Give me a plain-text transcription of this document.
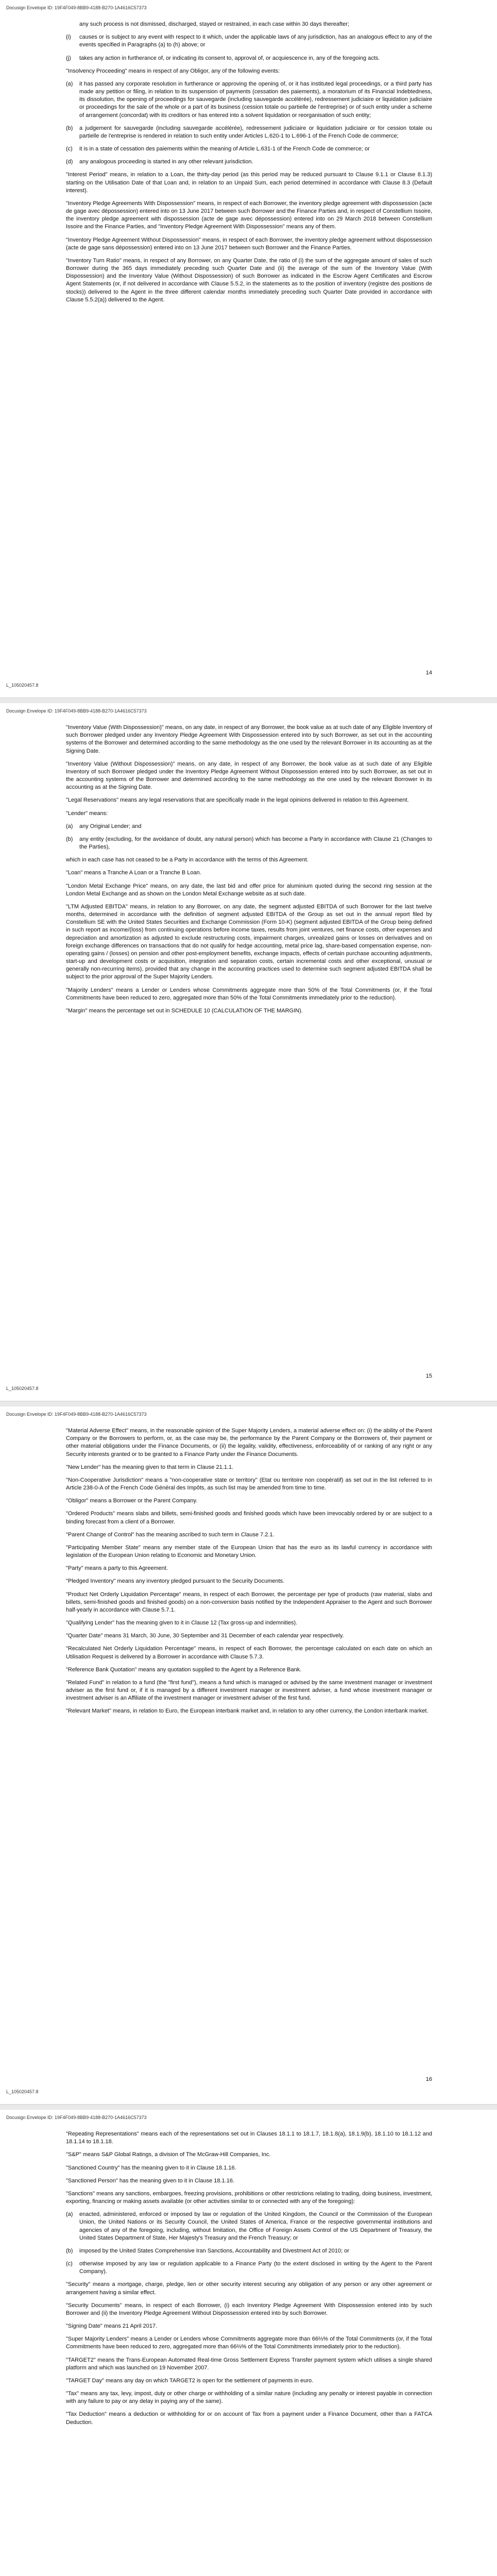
Docusign Envelope ID: 19F4F049-8BB9-4188-B270-1A4616C57373
any such process is not dismissed, discharged, stayed or restrained, in each case within 30 days thereafter;
(i)	causes or is subject to any event with respect to it which, under the applicable laws of any jurisdiction, has an analogous effect to any of the events specified in Paragraphs (a) to (h) above; or
(j)	takes any action in furtherance of, or indicating its consent to, approval of, or acquiescence in, any of the foregoing acts.

"Insolvency Proceeding" means in respect of any Obligor, any of the following events:

(a)	it has passed any corporate resolution in furtherance or approving the opening of, or it has instituted legal proceedings, or a third party has made any petition or filing, in relation to its suspension of payments (cessation des paiements), a moratorium of its Financial Indebtedness, its dissolution, the opening of proceedings for sauvegarde (including sauvegarde accélérée), redressement judiciaire or liquidation judiciaire or proceedings for the sale of the whole or a part of its business (cession totale ou partielle de l'entreprise) or of such entity under a scheme of arrangement (concordat) with its creditors or has entered into a solvent liquidation or reorganisation of such entity;
(b)	a judgement for sauvegarde (including sauvegarde accélérée), redressement judiciaire or liquidation judiciaire or for cession totale ou partielle de l'entreprise is rendered in relation to such entity under Articles L.620-1 to L.696-1 of the French Code de commerce;
(c)	it is in a state of cessation des paiements within the meaning of Article L.631-1 of the French Code de commerce; or
(d)	any analogous proceeding is started in any other relevant jurisdiction.

"Interest Period" means, in relation to a Loan, the thirty-day period (as this period may be reduced pursuant to Clause 9.1.1 or Clause 8.1.3) starting on the Utilisation Date of that Loan and, in relation to an Unpaid Sum, each period determined in accordance with Clause 8.3 (Default interest).

"Inventory Pledge Agreements With Dispossession" means, in respect of each Borrower, the inventory pledge agreement with dispossession (acte de gage avec dépossession) entered into on 13 June 2017 between such Borrower and the Finance Parties and, in respect of Constellium Issoire, the inventory pledge agreement with dispossession (acte de gage avec dépossession) entered into on 29 March 2018 between Constellium Issoire and the Finance Parties, and "Inventory Pledge Agreement With Dispossession" means any of them.

"Inventory Pledge Agreement Without Dispossession" means, in respect of each Borrower, the inventory pledge agreement without dispossession (acte de gage sans dépossession) entered into on 13 June 2017 between such Borrower and the Finance Parties.

"Inventory Turn Ratio" means, in respect of any Borrower, on any Quarter Date, the ratio of (i) the sum of the aggregate amount of sales of such Borrower during the 365 days immediately preceding such Quarter Date and (ii) the average of the sum of the Inventory Value (With Dispossession) and the Inventory Value (Without Dispossession) of such Borrower as indicated in the Escrow Agent Certificates and Escrow Agent Statements (or, if not delivered in accordance with Clause 5.5.2, in the statements as to the position of inventory (registre des positions de stocks)) delivered to the Agent in the three different calendar months immediately preceding such Quarter Date provided in accordance with Clause 5.5.2(a)) delivered to the Agent.

14
L_105020457.8
Docusign Envelope ID: 19F4F049-8BB9-4188-B270-1A4616C57373

"Inventory Value (With Dispossession)" means, on any date, in respect of any Borrower, the book value as at such date of any Eligible Inventory of such Borrower pledged under any Inventory Pledge Agreement With Dispossession entered into by such Borrower, as set out in the accounting systems of the Borrower and determined according to the same methodology as the one used by the relevant Borrower in its accounting as at the Signing Date.

"Inventory Value (Without Dispossession)" means, on any date, in respect of any Borrower, the book value as at such date of any Eligible Inventory of such Borrower pledged under the Inventory Pledge Agreement Without Dispossession entered into by such Borrower, as set out in the accounting systems of the Borrower and determined according to the same methodology as the one used by the relevant Borrower in its accounting as at the Signing Date.

"Legal Reservations" means any legal reservations that are specifically made in the legal opinions delivered in relation to this Agreement.

"Lender" means:

(a)	any Original Lender; and
(b)	any entity (excluding, for the avoidance of doubt, any natural person) which has become a Party in accordance with Clause 21 (Changes to the Parties),

which in each case has not ceased to be a Party in accordance with the terms of this Agreement.

"Loan" means a Tranche A Loan or a Tranche B Loan.

"London Metal Exchange Price" means, on any date, the last bid and offer price for aluminium quoted during the second ring session at the London Metal Exchange and as shown on the London Metal Exchange website as at such date.

"LTM Adjusted EBITDA" means, in relation to any Borrower, on any date, the segment adjusted EBITDA of such Borrower for the last twelve months, determined in accordance with the definition of segment adjusted EBITDA of the Group as set out in the annual report filed by Constellium SE with the United States Securities and Exchange Commission (Form 10-K) (segment adjusted EBITDA of the Group being defined in such report as income/(loss) from continuing operations before income taxes, results from joint ventures, net finance costs, other expenses and depreciation and amortization as adjusted to exclude restructuring costs, impairment charges, unrealized gains or losses on derivatives and on foreign exchange differences on transactions that do not qualify for hedge accounting, metal price lag, share-based compensation expense, non-operating gains / (losses) on pension and other post-employment benefits, exchange impacts, effects of certain purchase accounting adjustments, start-up and development costs or acquisition, integration and separation costs, certain incremental costs and other exceptional, unusual or generally non-recurring items), provided that any change in the accounting practices used to determine such segment adjusted EBITDA shall be subject to the prior approval of the Super Majority Lenders.

"Majority Lenders" means a Lender or Lenders whose Commitments aggregate more than 50% of the Total Commitments (or, if the Total Commitments have been reduced to zero, aggregated more than 50% of the Total Commitments immediately prior to the reduction).

"Margin" means the percentage set out in SCHEDULE 10 (CALCULATION OF THE MARGIN).

15
L_105020457.8
Docusign Envelope ID: 19F4F049-8BB9-4188-B270-1A4616C57373

"Material Adverse Effect" means, in the reasonable opinion of the Super Majority Lenders, a material adverse effect on: (i) the ability of the Parent Company or the Borrowers to perform, or, as the case may be, the performance by the Parent Company or the Borrowers of, their payment or other material obligations under the Finance Documents, or (ii) the legality, validity, effectiveness, enforceability of or ranking of any right or any Security interests granted or to be granted to a Finance Party under the Finance Documents.

"New Lender" has the meaning given to that term in Clause 21.1.1.

"Non-Cooperative Jurisdiction" means a "non-cooperative state or territory" (Etat ou territoire non coopératif) as set out in the list referred to in Article 238-0-A of the French Code Général des Impôts, as such list may be amended from time to time.

"Obligor" means a Borrower or the Parent Company.

"Ordered Products" means slabs and billets, semi-finished goods and finished goods which have been irrevocably ordered by or are subject to a binding forecast from a client of a Borrower.

"Parent Change of Control" has the meaning ascribed to such term in Clause 7.2.1.

"Participating Member State" means any member state of the European Union that has the euro as its lawful currency in accordance with legislation of the European Union relating to Economic and Monetary Union.

"Party" means a party to this Agreement.

"Pledged Inventory" means any inventory pledged pursuant to the Security Documents.

"Product Net Orderly Liquidation Percentage" means, in respect of each Borrower, the percentage per type of products (raw material, slabs and billets, semi-finished goods and finished goods) on a non-conversion basis notified by the Independent Appraiser to the Agent and such Borrower half-yearly in accordance with Clause 5.7.1.

"Qualifying Lender" has the meaning given to it in Clause 12 (Tax gross-up and indemnities).

"Quarter Date" means 31 March, 30 June, 30 September and 31 December of each calendar year respectively.

"Recalculated Net Orderly Liquidation Percentage" means, in respect of each Borrower, the percentage calculated on each date on which an Utilisation Request is delivered by a Borrower in accordance with Clause 5.7.3.

"Reference Bank Quotation" means any quotation supplied to the Agent by a Reference Bank.

"Related Fund" in relation to a fund (the "first fund"), means a fund which is managed or advised by the same investment manager or investment adviser as the first fund or, if it is managed by a different investment manager or investment adviser, a fund whose investment manager or investment adviser is an Affiliate of the investment manager or investment adviser of the first fund.

"Relevant Market" means, in relation to Euro, the European interbank market and, in relation to any other currency, the London interbank market.

16
L_105020457.8
Docusign Envelope ID: 19F4F049-8BB9-4188-B270-1A4616C57373

"Repeating Representations" means each of the representations set out in Clauses 18.1.1 to 18.1.7, 18.1.8(a), 18.1.9(b), 18.1.10 to 18.1.12 and 18.1.14 to 18.1.18.

"S&P" means S&P Global Ratings, a division of The McGraw-Hill Companies, Inc.

"Sanctioned Country" has the meaning given to it in Clause 18.1.16.

"Sanctioned Person" has the meaning given to it in Clause 18.1.16.

"Sanctions" means any sanctions, embargoes, freezing provisions, prohibitions or other restrictions relating to trading, doing business, investment, exporting, financing or making assets available (or other activities similar to or connected with any of the foregoing):

(a)	enacted, administered, enforced or imposed by law or regulation of the United Kingdom, the Council or the Commission of the European Union, the United Nations or its Security Council, the United States of America, France or the respective governmental institutions and agencies of any of the foregoing, including, without limitation, the Office of Foreign Assets Control of the US Department of Treasury, the United States Department of State, Her Majesty's Treasury and the French Treasury; or
(b)	imposed by the United States Comprehensive Iran Sanctions, Accountability and Divestment Act of 2010; or
(c)	otherwise imposed by any law or regulation applicable to a Finance Party (to the extent disclosed in writing by the Agent to the Parent Company).

"Security" means a mortgage, charge, pledge, lien or other security interest securing any obligation of any person or any other agreement or arrangement having a similar effect.

"Security Documents" means, in respect of each Borrower, (i) each Inventory Pledge Agreement With Dispossession entered into by such Borrower and (ii) the Inventory Pledge Agreement Without Dispossession entered into by such Borrower.

"Signing Date" means 21 April 2017.

"Super Majority Lenders" means a Lender or Lenders whose Commitments aggregate more than 66⅔% of the Total Commitments (or, if the Total Commitments have been reduced to zero, aggregated more than 66⅔% of the Total Commitments immediately prior to the reduction).

"TARGET2" means the Trans-European Automated Real-time Gross Settlement Express Transfer payment system which utilises a single shared platform and which was launched on 19 November 2007.

"TARGET Day" means any day on which TARGET2 is open for the settlement of payments in euro.

"Tax" means any tax, levy, impost, duty or other charge or withholding of a similar nature (including any penalty or interest payable in connection with any failure to pay or any delay in paying any of the same).

"Tax Deduction" means a deduction or withholding for or on account of Tax from a payment under a Finance Document, other than a FATCA Deduction.
